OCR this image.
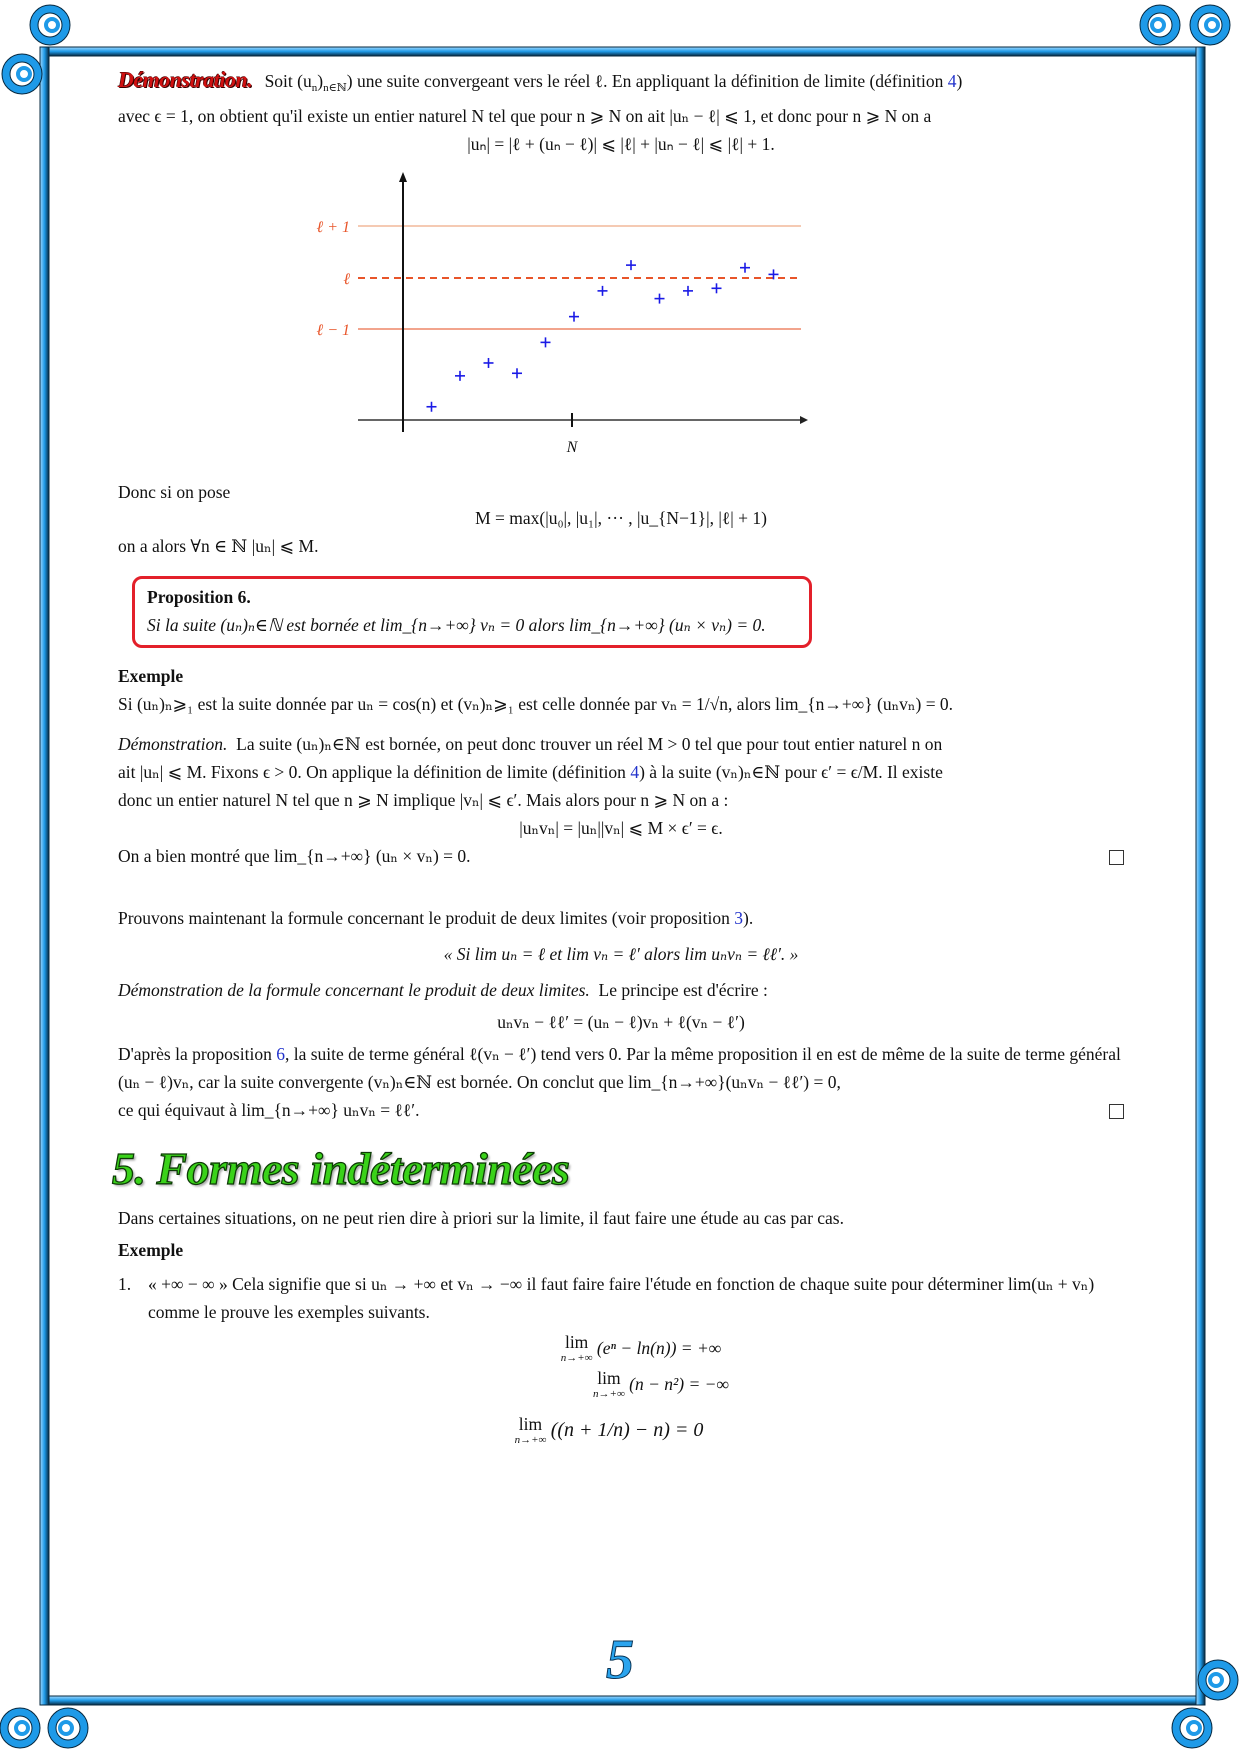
Démonstration. Soit $(u_n)_{n\in ℕ}$) une suite convergeant vers le réel ℓ. En appliquant la définition de limite (définition 4)

avec ϵ = 1, on obtient qu'il existe un entier naturel N tel que pour n ⩾ N on ait |uₙ − ℓ| ⩽ 1, et donc pour n ⩾ N on a

|uₙ| = |ℓ + (uₙ − ℓ)| ⩽ |ℓ| + |uₙ − ℓ| ⩽ |ℓ| + 1.

ℓ + 1
ℓ
ℓ − 1
N

Donc si on pose

M = max(|u₀|, |u₁|, ··· , |u_{N−1}|, |ℓ| + 1)

on a alors ∀n ∈ ℕ |uₙ| ⩽ M.

Proposition 6.
Si la suite (uₙ)ₙ∈ℕ est bornée et lim_{n→+∞} vₙ = 0 alors lim_{n→+∞} (uₙ × vₙ) = 0.
Exemple
Si (uₙ)ₙ⩾₁ est la suite donnée par uₙ = cos(n) et (vₙ)ₙ⩾₁ est celle donnée par vₙ = 1/√n, alors lim_{n→+∞} (uₙvₙ) = 0.

Démonstration. La suite (uₙ)ₙ∈ℕ est bornée, on peut donc trouver un réel M > 0 tel que pour tout entier naturel n on

ait |uₙ| ⩽ M. Fixons ϵ > 0. On applique la définition de limite (définition 4) à la suite (vₙ)ₙ∈ℕ pour ϵ′ = ϵ/M. Il existe

donc un entier naturel N tel que n ⩾ N implique |vₙ| ⩽ ϵ′. Mais alors pour n ⩾ N on a :

|uₙvₙ| = |uₙ||vₙ| ⩽ M × ϵ′ = ϵ.

On a bien montré que lim_{n→+∞} (uₙ × vₙ) = 0.

Prouvons maintenant la formule concernant le produit de deux limites (voir proposition 3).

« Si lim uₙ = ℓ et lim vₙ = ℓ′ alors lim uₙvₙ = ℓℓ′. »

Démonstration de la formule concernant le produit de deux limites. Le principe est d'écrire :

uₙvₙ − ℓℓ′ = (uₙ − ℓ)vₙ + ℓ(vₙ − ℓ′)

D'après la proposition 6, la suite de terme général ℓ(vₙ − ℓ′) tend vers 0. Par la même proposition il en est de même de la suite de terme général (uₙ − ℓ)vₙ, car la suite convergente (vₙ)ₙ∈ℕ est bornée. On conclut que lim_{n→+∞}(uₙvₙ − ℓℓ′) = 0,

ce qui équivaut à lim_{n→+∞} uₙvₙ = ℓℓ′.

5. Formes indéterminées

Dans certaines situations, on ne peut rien dire à priori sur la limite, il faut faire une étude au cas par cas.

Exemple
1. « +∞ − ∞ » Cela signifie que si uₙ → +∞ et vₙ → −∞ il faut faire faire l'étude en fonction de chaque suite pour déterminer lim(uₙ + vₙ) comme le prouve les exemples suivants.
lim
n→+∞ (eⁿ − ln(n)) = +∞
lim
n→+∞ (n − n²) = −∞
lim
n→+∞ ((n + 1/n) − n) = 0
5
